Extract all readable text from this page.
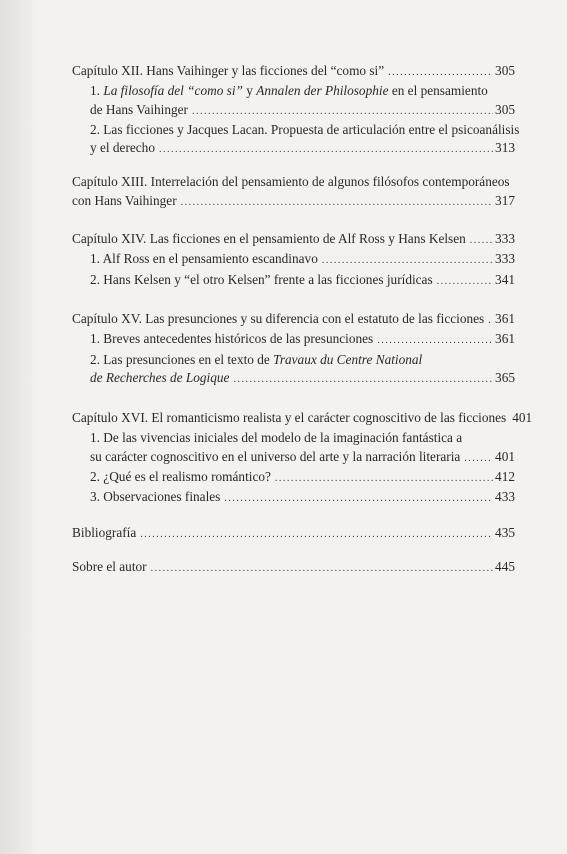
Capítulo XII. Hans Vaihinger y las ficciones del “como si” .....	305
1. La filosofía del “como si” y Annalen der Philosophie en el pensamiento
de Hans Vaihinger .....	305
2. Las ficciones y Jacques Lacan. Propuesta de articulación entre el psicoanálisis
y el derecho .....	313
Capítulo XIII. Interrelación del pensamiento de algunos filósofos contemporáneos
con Hans Vaihinger .....	317
Capítulo XIV. Las ficciones en el pensamiento de Alf Ross y Hans Kelsen ..... 333
1. Alf Ross en el pensamiento escandinavo .....	333
2. Hans Kelsen y “el otro Kelsen” frente a las ficciones jurídicas .....	341
Capítulo XV. Las presunciones y su diferencia con el estatuto de las ficciones ..... 361
1. Breves antecedentes históricos de las presunciones .....	361
2. Las presunciones en el texto de Travaux du Centre National
de Recherches de Logique .....	365
Capítulo XVI. El romanticismo realista y el carácter cognoscitivo de las ficciones 401
1. De las vivencias iniciales del modelo de la imaginación fantástica a
su carácter cognoscitivo en el universo del arte y la narración literaria .....	401
2. ¿Qué es el realismo romántico? .....	412
3. Observaciones finales .....	433
Bibliografía .....	435
Sobre el autor .....	445
